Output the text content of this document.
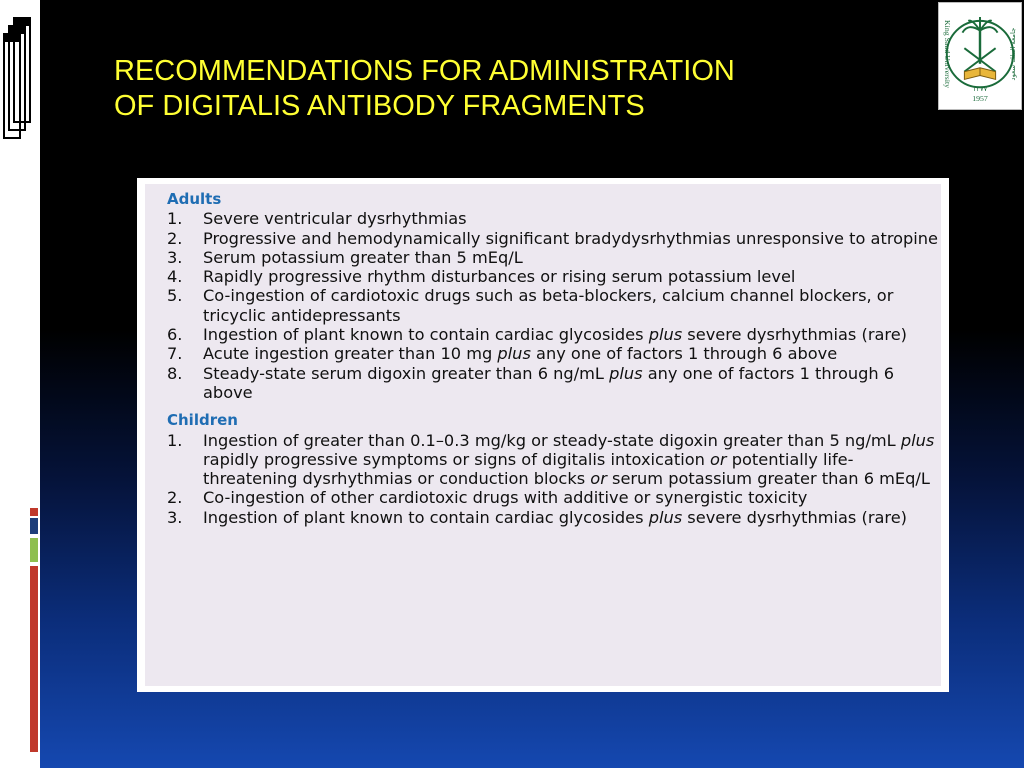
RECOMMENDATIONS FOR ADMINISTRATION
OF DIGITALIS ANTIBODY FRAGMENTS
King Saud University	جامعة الملك سعود
1957
١٣٧٧
Adults
1.	Severe ventricular dysrhythmias
2.	Progressive and hemodynamically significant bradydysrhythmias unresponsive to atropine
3.	Serum potassium greater than 5 mEq/L
4.	Rapidly progressive rhythm disturbances or rising serum potassium level
5.	Co-ingestion of cardiotoxic drugs such as beta-blockers, calcium channel blockers, or tricyclic antidepressants
6.	Ingestion of plant known to contain cardiac glycosides plus severe dysrhythmias (rare)
7.	Acute ingestion greater than 10 mg plus any one of factors 1 through 6 above
8.	Steady-state serum digoxin greater than 6 ng/mL plus any one of factors 1 through 6 above
Children
1.	Ingestion of greater than 0.1–0.3 mg/kg or steady-state digoxin greater than 5 ng/mL plus rapidly progressive symptoms or signs of digitalis intoxication or potentially life-threatening dysrhythmias or conduction blocks or serum potassium greater than 6 mEq/L
2.	Co-ingestion of other cardiotoxic drugs with additive or synergistic toxicity
3.	Ingestion of plant known to contain cardiac glycosides plus severe dysrhythmias (rare)
